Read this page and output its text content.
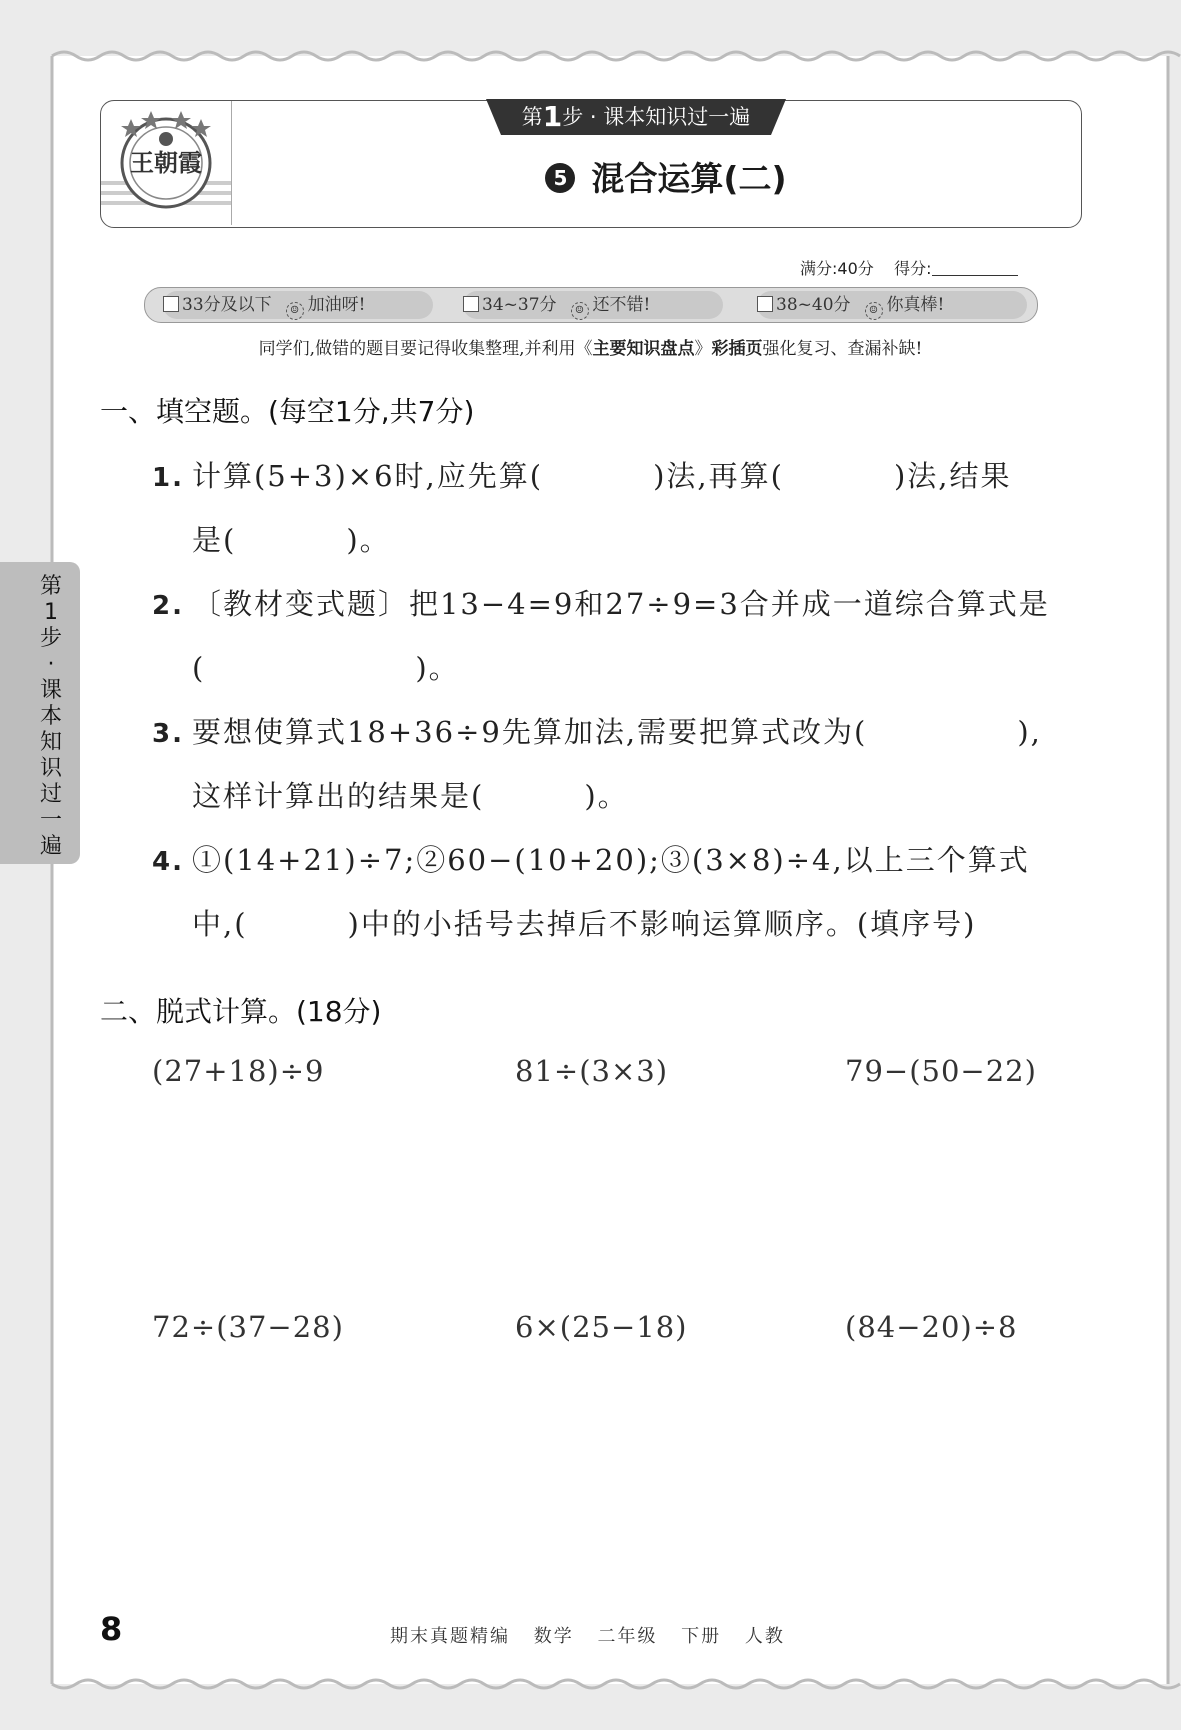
王朝霞
第1步 · 课本知识过一遍
5 混合运算(二)
满分:40分 得分:
33分及以下 ☺ 加油呀!	34~37分 ☺ 还不错!	38~40分 ☺ 你真棒!
同学们,做错的题目要记得收集整理,并利用《主要知识盘点》彩插页强化复习、查漏补缺!
第1步·课本知识过一遍
一、填空题。(每空1分,共7分)
1. 计算(5+3)×6时,应先算(	)法,再算(	)法,结果
是(	)。
2. 〔教材变式题〕把13−4=9和27÷9=3合并成一道综合算式是
(	)。
3. 要想使算式18+36÷9先算加法,需要把算式改为(	),
这样计算出的结果是(	)。
4. ①(14+21)÷7;②60−(10+20);③(3×8)÷4,以上三个算式
中,(	)中的小括号去掉后不影响运算顺序。(填序号)
二、脱式计算。(18分)
(27+18)÷9	81÷(3×3)	79−(50−22)
72÷(37−28)	6×(25−18)	(84−20)÷8
8	期末真题精编 数学 二年级 下册 人教
